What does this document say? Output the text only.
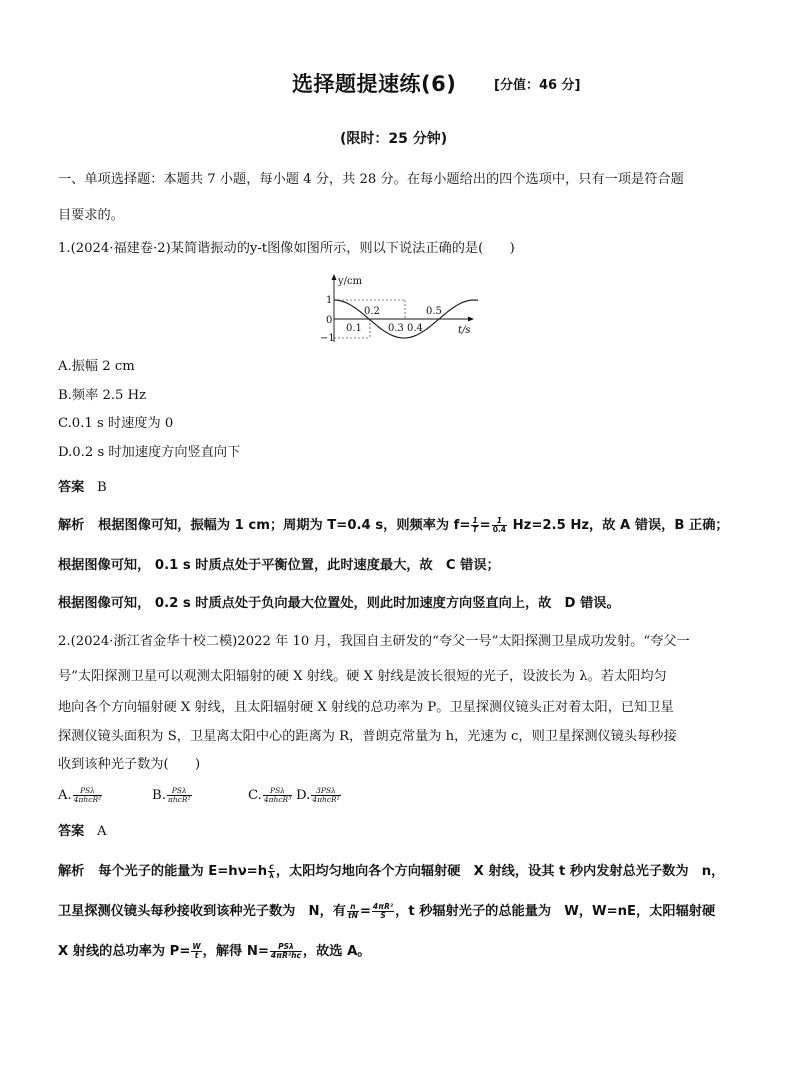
选择题提速练(6)	[分值：46 分]
(限时：25 分钟)
一、单项选择题：本题共 7 小题，每小题 4 分，共 28 分。在每小题给出的四个选项中，只有一项是符合题
目要求的。
1.(2024·福建卷·2)某简谐振动的y-t图像如图所示，则以下说法正确的是(　　)
y/cm
t/s
1
0
−1
0.1
0.2
0.3 0.4
0.5
A.振幅 2 cm
B.频率 2.5 Hz
C.0.1 s 时速度为 0
D.0.2 s 时加速度方向竖直向下
答案 B
解析 根据图像可知，振幅为 1 cm；周期为 T=0.4 s，则频率为 $f= \frac{1}{T} = \frac{1}{0.4} Hz=2.5$ Hz，故 A 错误，B 正确；
根据图像可知， 0.1 s 时质点处于平衡位置，此时速度最大，故　C 错误；
根据图像可知， 0.2 s 时质点处于负向最大位置处，则此时加速度方向竖直向上，故　D 错误。
2.(2024·浙江省金华十校二模)2022 年 10 月，我国自主研发的“夸父一号”太阳探测卫星成功发射。“夸父一
号”太阳探测卫星可以观测太阳辐射的硬 X 射线。硬 X 射线是波长很短的光子，设波长为 λ。若太阳均匀
地向各个方向辐射硬 X 射线，且太阳辐射硬 X 射线的总功率为 P。卫星探测仪镜头正对着太阳，已知卫星
探测仪镜头面积为 S，卫星离太阳中心的距离为 R，普朗克常量为 h，光速为 c，则卫星探测仪镜头每秒接
收到该种光子数为(　　)
A. $\frac{\text{PSλ}}{\text{4πhcR²}}$	B. $\frac{\text{PSλ}}{\text{πhcR²}}$	C. $\frac{\text{PSλ}}{\text{4πhcR³}} D$. $\frac{\text{3PSλ}}{\text{4πhcR²}}$
答案 A
解析 每个光子的能量为 $E=h\nu=h \frac{c}{\lambda}$ ，太阳均匀地向各个方向辐射硬　X 射线，设其 t 秒内发射总光子数为　n，
卫星探测仪镜头每秒接收到该种光子数为　N，有 $\frac{n}{tN} = \frac{\text{4πR²}}{S}$ ，t 秒辐射光子的总能量为　W，W=nE，太阳辐射硬
X 射线的总功率为 $P= \frac{W}{t}$ ，解得 $N= \frac{\text{PSλ}}{\text{4πR²hc}}$ ，故选 A。
